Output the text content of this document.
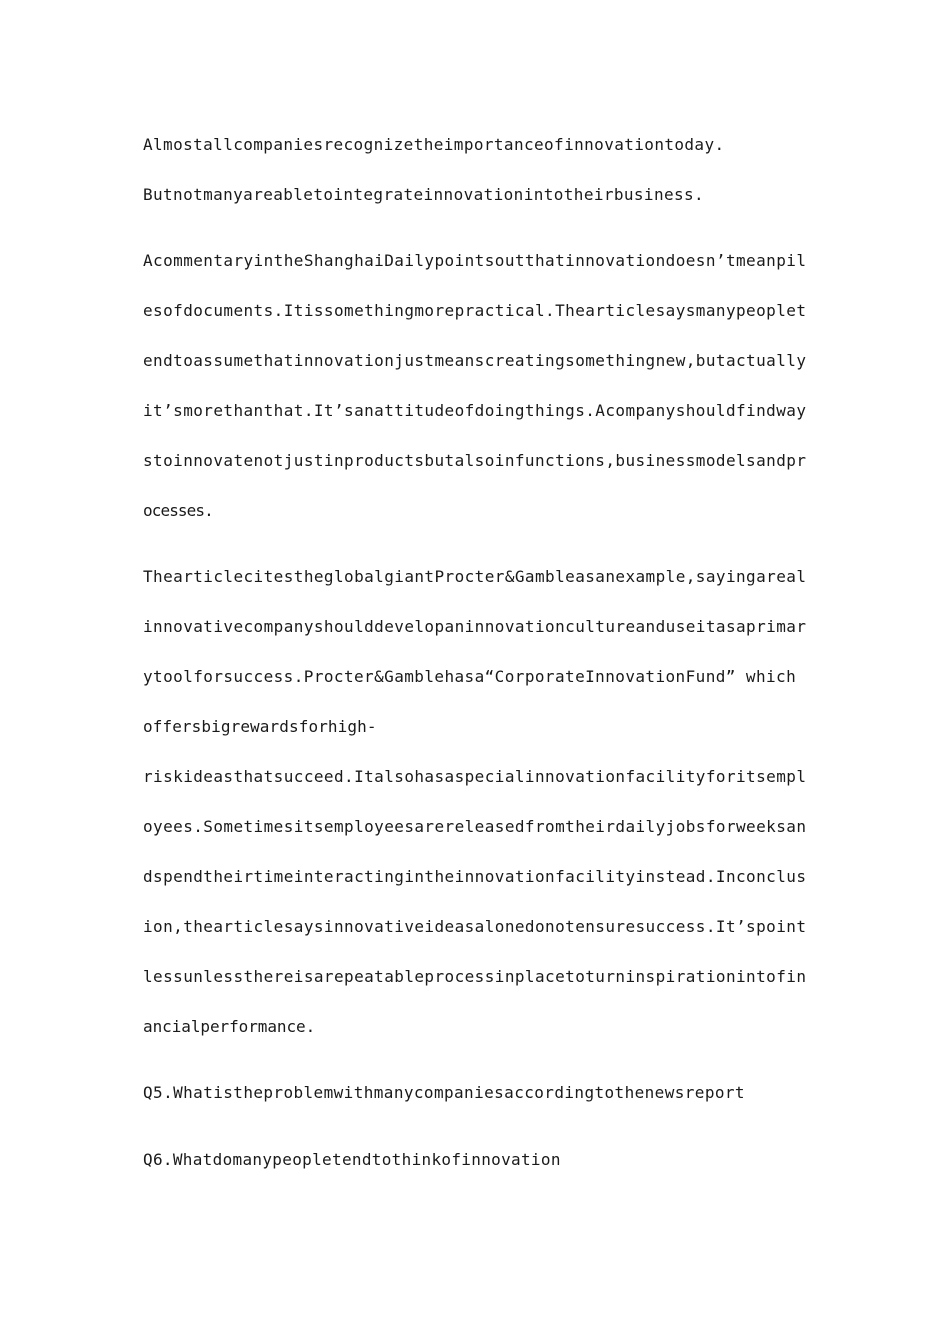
Almostallcompaniesrecognizetheimportanceofinnovationtoday.
Butnotmanyareabletointegrateinnovationintotheirbusiness.
AcommentaryintheShanghaiDailypointsoutthatinnovationdoesn’tmeanpil
esofdocuments.Itissomethingmorepractical.Thearticlesaysmanypeoplet
endtoassumethatinnovationjustmeanscreatingsomethingnew,butactually
it’smorethanthat.It’sanattitudeofdoingthings.Acompanyshouldfindway
stoinnovatenotjustinproductsbutalsoinfunctions,businessmodelsandpr
ocesses.
ThearticlecitestheglobalgiantProcter&Gambleasanexample,sayingareal
innovativecompanyshoulddevelopaninnovationcultureanduseitasaprimar
ytoolforsuccess.Procter&Gamblehasa“CorporateInnovationFund” which
offersbigrewardsforhigh-
riskideasthatsucceed.Italsohasaspecialinnovationfacilityforitsempl
oyees.Sometimesitsemployeesarereleasedfromtheirdailyjobsforweeksan
dspendtheirtimeinteractingintheinnovationfacilityinstead.Inconclus
ion,thearticlesaysinnovativeideasalonedonotensuresuccess.It’spoint
lessunlessthereisarepeatableprocessinplacetoturninspirationintofin
ancialperformance.
Q5.Whatistheproblemwithmanycompaniesaccordingtothenewsreport
Q6.Whatdomanypeopletendtothinkofinnovation
